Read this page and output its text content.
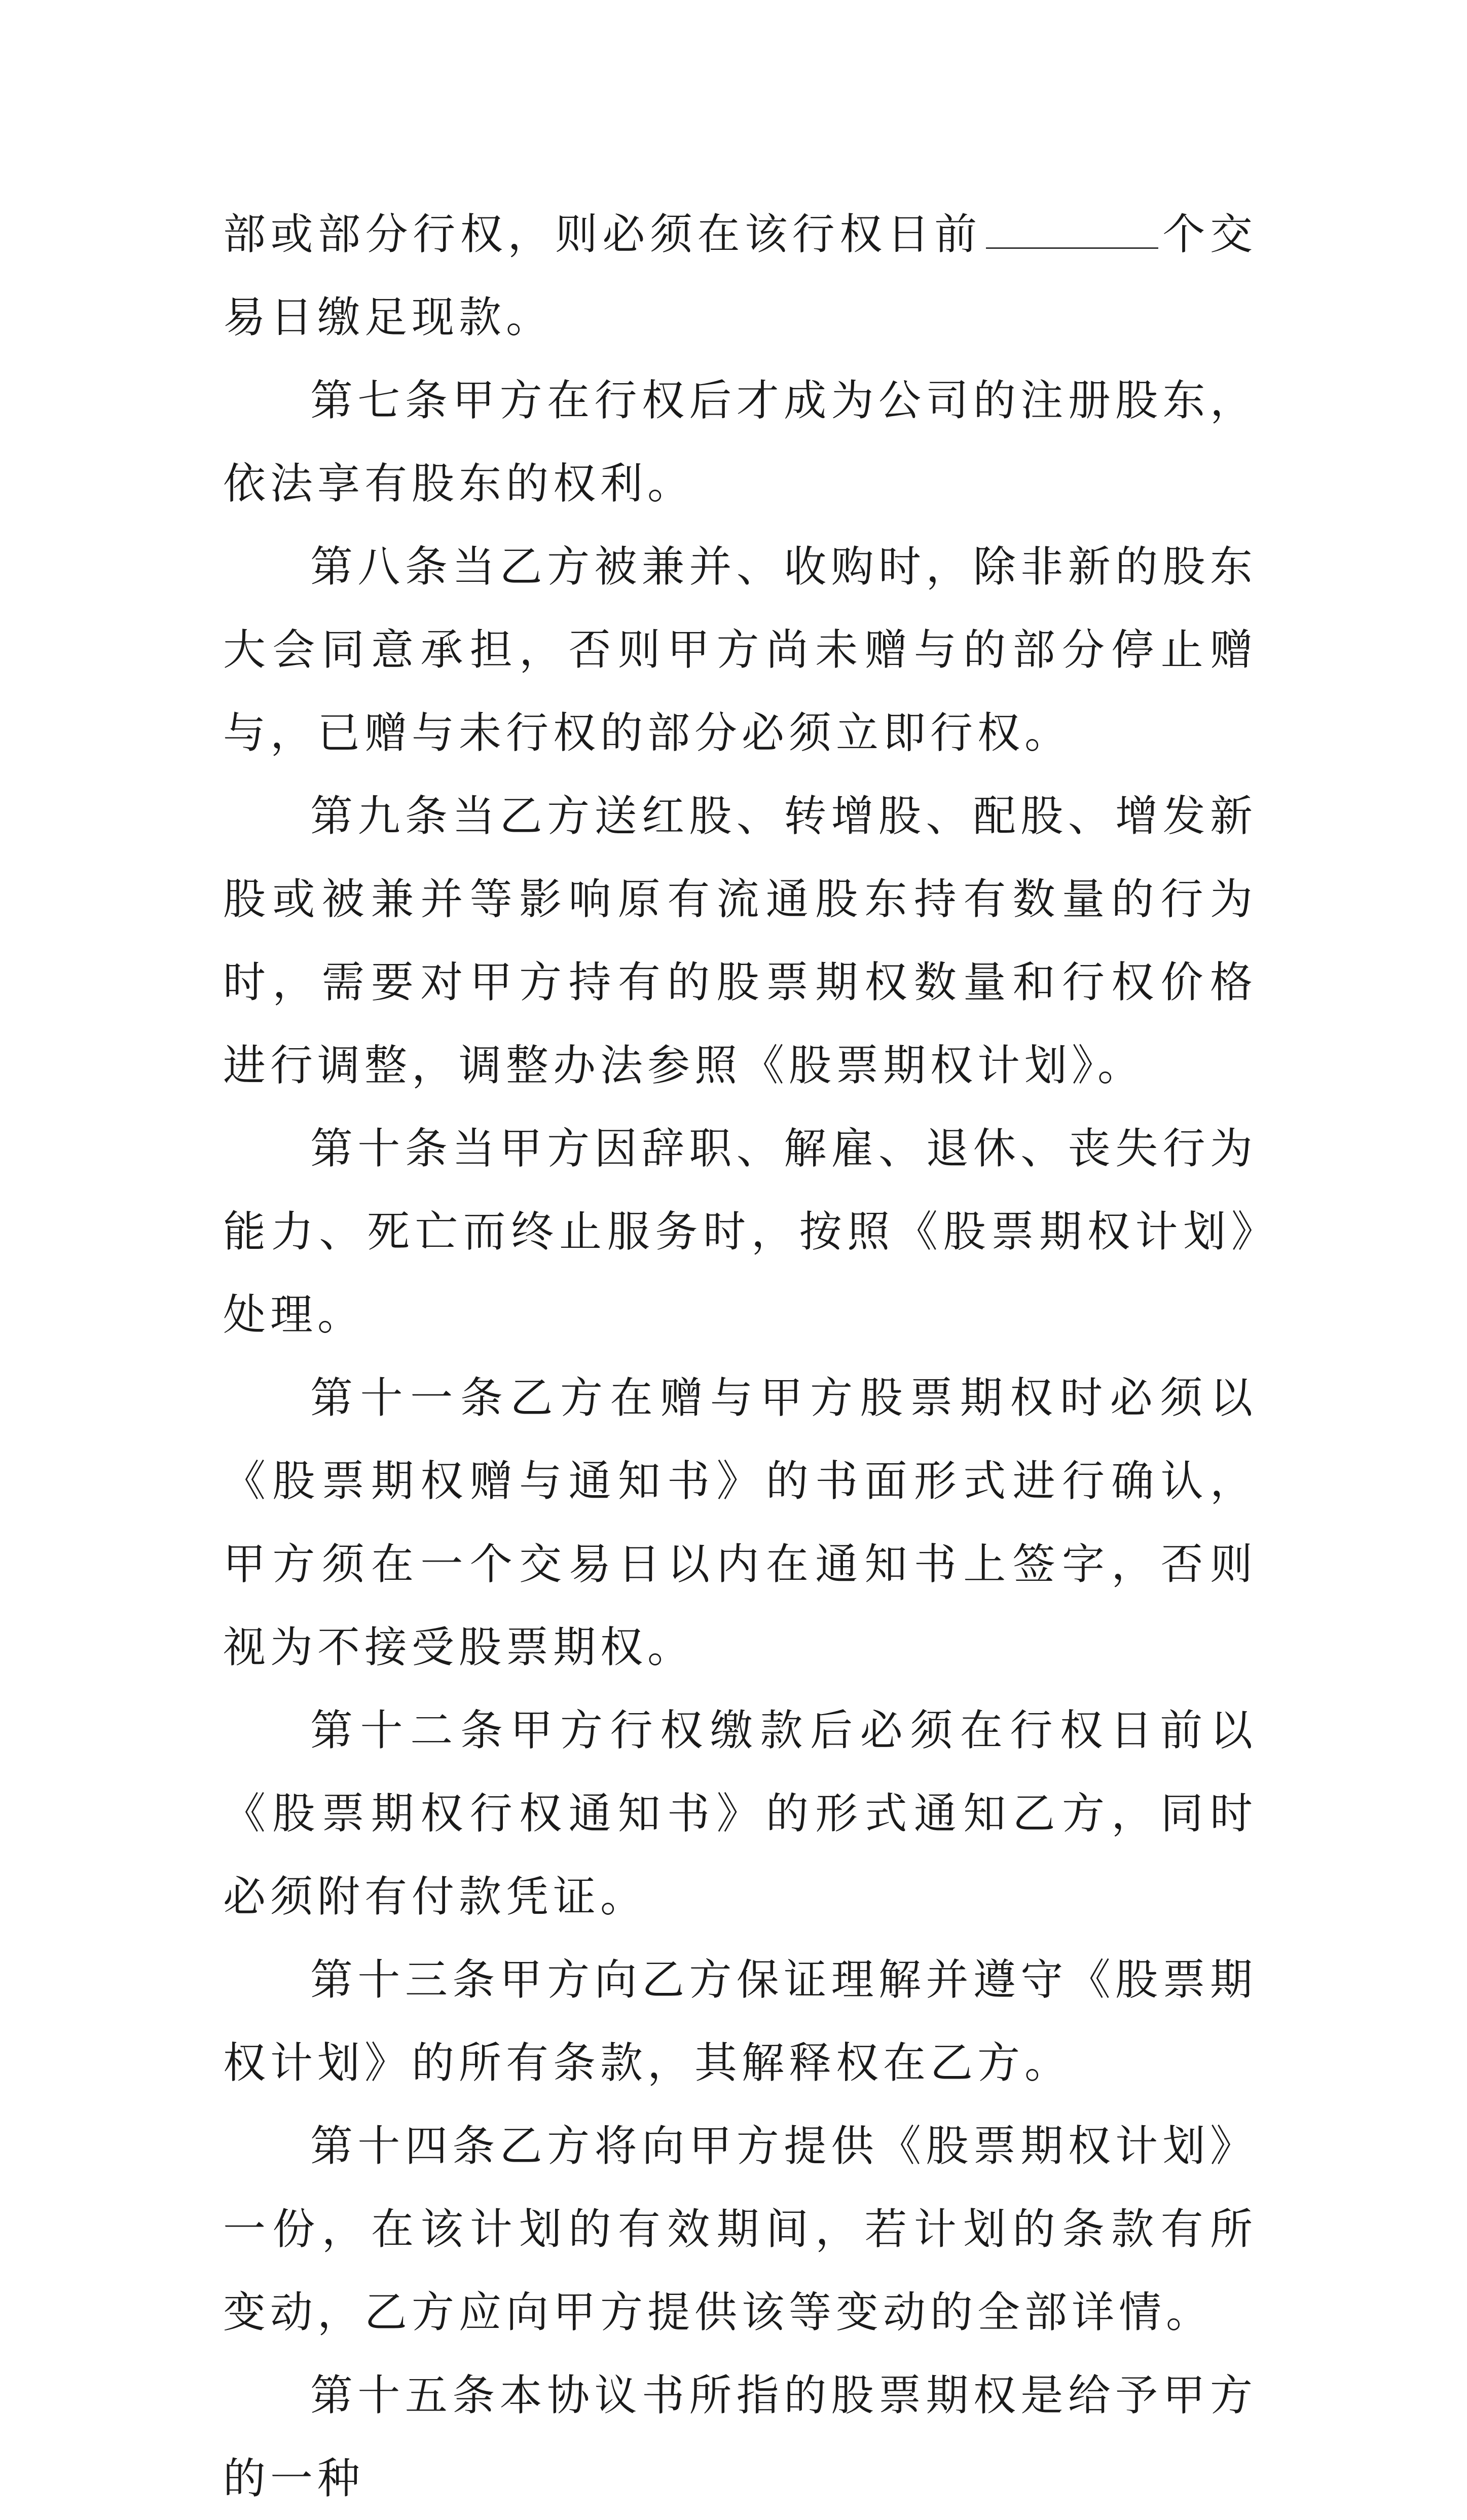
部或部分行权，则必须在该行权日前	个交易日缴足现款。

第七条甲方在行权后才成为公司的注册股东，依法享有股东的权利。

第八条当乙方被兼并、收购时，除非新的股东大会同意承担，否则甲方尚未赠与的部分停止赠与，已赠与未行权的部分必须立即行权。

第九条当乙方送红股、转增股、配股、增发新股或被兼并等影响原有流通股东持有数量的行为时，需要对甲方持有的股票期权数量和行权价格进行调整，调整办法参照《股票期权计划》。

第十条当甲方因辞职、解雇、退休、丧失行为能力、死亡而终止服务时，按照《股票期权计划》处理。

第十一条乙方在赠与甲方股票期权时必须以《股票期权赠与通知书》的书面形式进行确认，甲方须在一个交易日以内在通知书上签字，否则视为不接受股票期权。

第十二条甲方行权缴款后必须在行权日前以《股票期权行权通知书》的形式通知乙方，同时必须附有付款凭证。

第十三条甲方向乙方保证理解并遵守《股票期权计划》的所有条款，其解释权在乙方。

第十四条乙方将向甲方提供《股票期权计划》一份，在该计划的有效期间，若计划的条款有所变动，乙方应向甲方提供该等变动的全部详情。

第十五条本协议书所指的股票期权是给予甲方的一种
